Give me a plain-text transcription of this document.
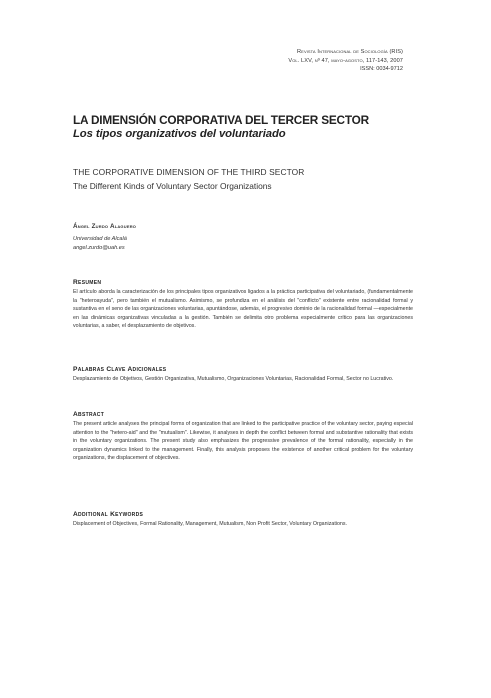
Revista Internacional de Sociología (RIS)
Vol. LXV, nº 47, mayo-agosto, 117-143, 2007
ISSN: 0034-9712
LA DIMENSIÓN CORPORATIVA DEL TERCER SECTOR
Los tipos organizativos del voluntariado
THE CORPORATIVE DIMENSION OF THE THIRD SECTOR
The Different Kinds of Voluntary Sector Organizations
Ángel Zurdo Alaguero
Universidad de Alcalá
angel.zurdo@uah.es
Resumen
El artículo aborda la caracterización de los principales tipos organizativos ligados a la práctica participativa del voluntariado, (fundamentalmente la "heteroayuda", pero también el mutualismo. Asimismo, se profundiza en el análisis del "conflicto" existente entre racionalidad formal y sustantiva en el seno de las organizaciones voluntarias, apuntándose, además, el progresivo dominio de la racionalidad formal —especialmente en las dinámicas organizativas vinculadas a la gestión. También se delimita otro problema especialmente crítico para las organizaciones voluntarias, a saber, el desplazamiento de objetivos.
Palabras Clave Adicionales
Desplazamiento de Objetivos, Gestión Organizativa, Mutualismo, Organizaciones Voluntarias, Racionalidad Formal, Sector no Lucrativo.
Abstract
The present article analyses the principal forms of organization that are linked to the participative practice of the voluntary sector, paying especial attention to the "hetero-aid" and the "mutualism". Likewise, it analyses in depth the conflict between formal and substantive rationality that exists in the voluntary organizations. The present study also emphasizes the progressive prevalence of the formal rationality, especially in the organization dynamics linked to the management. Finally, this analysis proposes the existence of another critical problem for the voluntary organizations, the displacement of objectives.
Additional Keywords
Displacement of Objectives, Formal Rationality, Management, Mutualism, Non Profit Sector, Voluntary Organizations.
